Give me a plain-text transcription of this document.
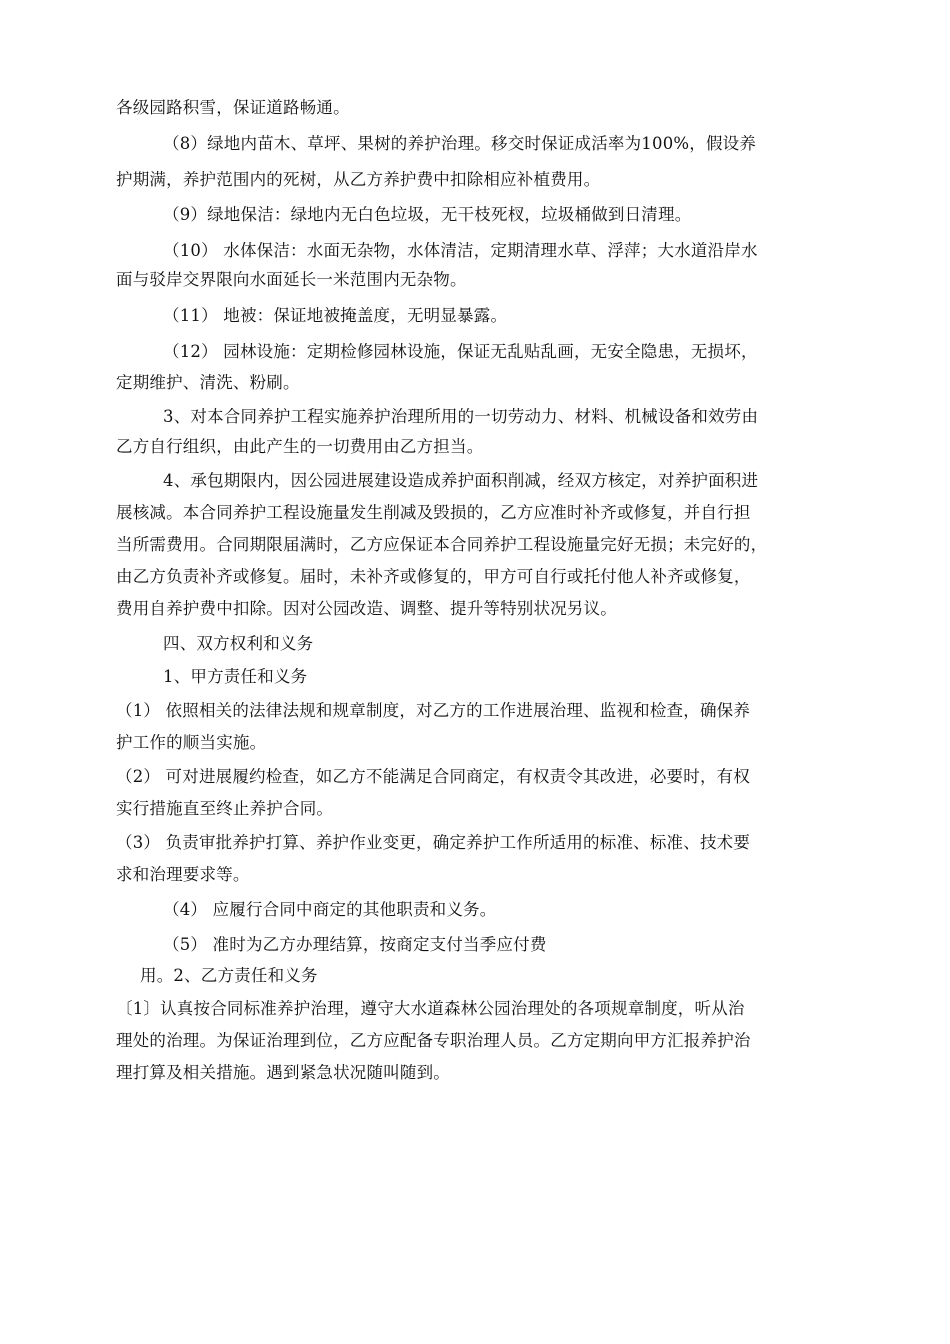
各级园路积雪，保证道路畅通。
（8）绿地内苗木、草坪、果树的养护治理。移交时保证成活率为100%，假设养
护期满，养护范围内的死树，从乙方养护费中扣除相应补植费用。
（9）绿地保洁：绿地内无白色垃圾，无干枝死杈，垃圾桶做到日清理。
（10） 水体保洁：水面无杂物，水体清洁，定期清理水草、浮萍；大水道沿岸水
面与驳岸交界限向水面延长一米范围内无杂物。
（11） 地被：保证地被掩盖度，无明显暴露。
（12） 园林设施：定期检修园林设施，保证无乱贴乱画，无安全隐患，无损坏，
定期维护、清洗、粉刷。
3、对本合同养护工程实施养护治理所用的一切劳动力、材料、机械设备和效劳由
乙方自行组织，由此产生的一切费用由乙方担当。
4、承包期限内，因公园进展建设造成养护面积削减，经双方核定，对养护面积进
展核减。本合同养护工程设施量发生削减及毁损的，乙方应准时补齐或修复，并自行担
当所需费用。合同期限届满时，乙方应保证本合同养护工程设施量完好无损；未完好的，
由乙方负责补齐或修复。届时，未补齐或修复的，甲方可自行或托付他人补齐或修复，
费用自养护费中扣除。因对公园改造、调整、提升等特别状况另议。
四、双方权利和义务
1、甲方责任和义务
（1） 依照相关的法律法规和规章制度，对乙方的工作进展治理、监视和检查，确保养
护工作的顺当实施。
（2） 可对进展履约检查，如乙方不能满足合同商定，有权责令其改进，必要时，有权
实行措施直至终止养护合同。
（3） 负责审批养护打算、养护作业变更，确定养护工作所适用的标准、标准、技术要
求和治理要求等。
（4） 应履行合同中商定的其他职责和义务。
（5） 准时为乙方办理结算，按商定支付当季应付费
用。2、乙方责任和义务
〔1〕认真按合同标准养护治理，遵守大水道森林公园治理处的各项规章制度，听从治
理处的治理。为保证治理到位，乙方应配备专职治理人员。乙方定期向甲方汇报养护治
理打算及相关措施。遇到紧急状况随叫随到。
